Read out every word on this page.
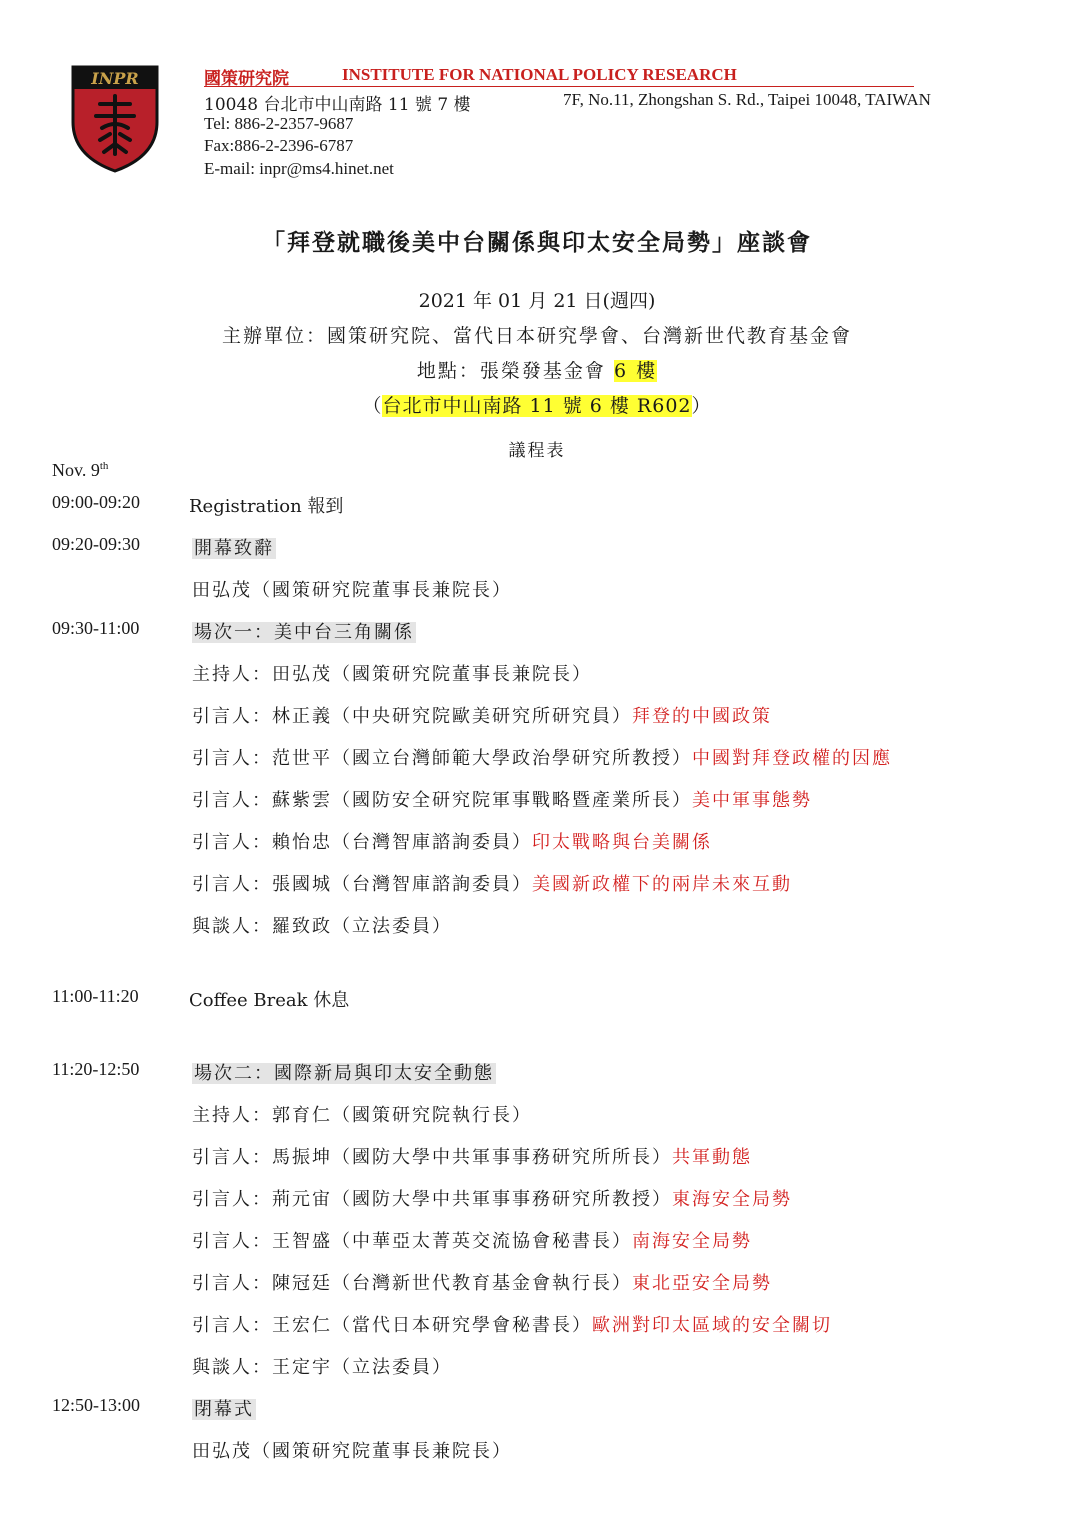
INPR	國策研究院	INSTITUTE FOR NATIONAL POLICY RESEARCH
10048 台北市中山南路 11 號 7 樓	7F, No.11, Zhongshan S. Rd., Taipei 10048, TAIWAN
Tel: 886-2-2357-9687
Fax:886-2-2396-6787
E-mail: inpr@ms4.hinet.net
「拜登就職後美中台關係與印太安全局勢」座談會
2021 年 01 月 21 日(週四)
主辦單位：國策研究院、當代日本研究學會、台灣新世代教育基金會
地點：張榮發基金會 6 樓
（台北市中山南路 11 號 6 樓 R602）
議程表
Nov. 9th
09:00-09:20	Registration 報到
09:20-09:30	開幕致辭
田弘茂（國策研究院董事長兼院長）
09:30-11:00	場次一：美中台三角關係
主持人：田弘茂（國策研究院董事長兼院長）
引言人：林正義（中央研究院歐美研究所研究員）拜登的中國政策
引言人：范世平（國立台灣師範大學政治學研究所教授）中國對拜登政權的因應
引言人：蘇紫雲（國防安全研究院軍事戰略暨產業所長）美中軍事態勢
引言人：賴怡忠（台灣智庫諮詢委員）印太戰略與台美關係
引言人：張國城（台灣智庫諮詢委員）美國新政權下的兩岸未來互動
與談人：羅致政（立法委員）
11:00-11:20	Coffee Break 休息
11:20-12:50	場次二：國際新局與印太安全動態
主持人：郭育仁（國策研究院執行長）
引言人：馬振坤（國防大學中共軍事事務研究所所長）共軍動態
引言人：荊元宙（國防大學中共軍事事務研究所教授）東海安全局勢
引言人：王智盛（中華亞太菁英交流協會秘書長）南海安全局勢
引言人：陳冠廷（台灣新世代教育基金會執行長）東北亞安全局勢
引言人：王宏仁（當代日本研究學會秘書長）歐洲對印太區域的安全關切
與談人：王定宇（立法委員）
12:50-13:00	閉幕式
田弘茂（國策研究院董事長兼院長）
